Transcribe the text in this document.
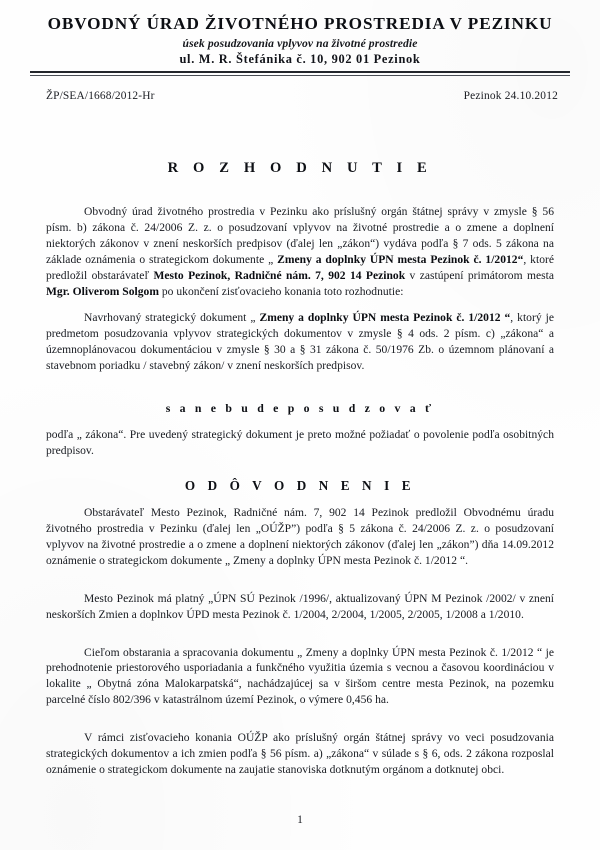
OBVODNÝ ÚRAD ŽIVOTNÉHO PROSTREDIA V PEZINKU
úsek posudzovania vplyvov na životné prostredie
ul. M. R. Štefánika č. 10, 902 01 Pezinok
ŽP/SEA/1668/2012-Hr	Pezinok 24.10.2012
R O Z H O D N U T I E

Obvodný úrad životného prostredia v Pezinku ako príslušný orgán štátnej správy v zmysle § 56 písm. b) zákona č. 24/2006 Z. z. o posudzovaní vplyvov na životné prostredie a o zmene a doplnení niektorých zákonov v znení neskorších predpisov (ďalej len „zákon“) vydáva podľa § 7 ods. 5 zákona na základe oznámenia o strategickom dokumente „ Zmeny a doplnky ÚPN mesta Pezinok č. 1/2012“, ktoré predložil obstarávateľ Mesto Pezinok, Radničné nám. 7, 902 14 Pezinok v zastúpení primátorom mesta Mgr. Oliverom Solgom po ukončení zisťovacieho konania toto rozhodnutie:

Navrhovaný strategický dokument „ Zmeny a doplnky ÚPN mesta Pezinok č. 1/2012 “, ktorý je predmetom posudzovania vplyvov strategických dokumentov v zmysle § 4 ods. 2 písm. c) „zákona“ a územnoplánovacou dokumentáciou v zmysle § 30 a § 31 zákona č. 50/1976 Zb. o územnom plánovaní a stavebnom poriadku / stavebný zákon/ v znení neskorších predpisov.

s a n e b u d e p o s u d z o v a ť

podľa „ zákona“. Pre uvedený strategický dokument je preto možné požiadať o povolenie podľa osobitných predpisov.

O D Ô V O D N E N I E

Obstarávateľ Mesto Pezinok, Radničné nám. 7, 902 14 Pezinok predložil Obvodnému úradu životného prostredia v Pezinku (ďalej len „OÚŽP”) podľa § 5 zákona č. 24/2006 Z. z. o posudzovaní vplyvov na životné prostredie a o zmene a doplnení niektorých zákonov (ďalej len „zákon”) dňa 14.09.2012 oznámenie o strategickom dokumente „ Zmeny a doplnky ÚPN mesta Pezinok č. 1/2012 “.

Mesto Pezinok má platný „ÚPN SÚ Pezinok /1996/, aktualizovaný ÚPN M Pezinok /2002/ v znení neskorších Zmien a doplnkov ÚPD mesta Pezinok č. 1/2004, 2/2004, 1/2005, 2/2005, 1/2008 a 1/2010.

Cieľom obstarania a spracovania dokumentu „ Zmeny a doplnky ÚPN mesta Pezinok č. 1/2012 “ je prehodnotenie priestorového usporiadania a funkčného využitia územia s vecnou a časovou koordináciou v lokalite „ Obytná zóna Malokarpatská“, nachádzajúcej sa v širšom centre mesta Pezinok, na pozemku parcelné číslo 802/396 v katastrálnom území Pezinok, o výmere 0,456 ha.

V rámci zisťovacieho konania OÚŽP ako príslušný orgán štátnej správy vo veci posudzovania strategických dokumentov a ich zmien podľa § 56 písm. a) „zákona“ v súlade s § 6, ods. 2 zákona rozposlal oznámenie o strategickom dokumente na zaujatie stanoviska dotknutým orgánom a dotknutej obci.

1
